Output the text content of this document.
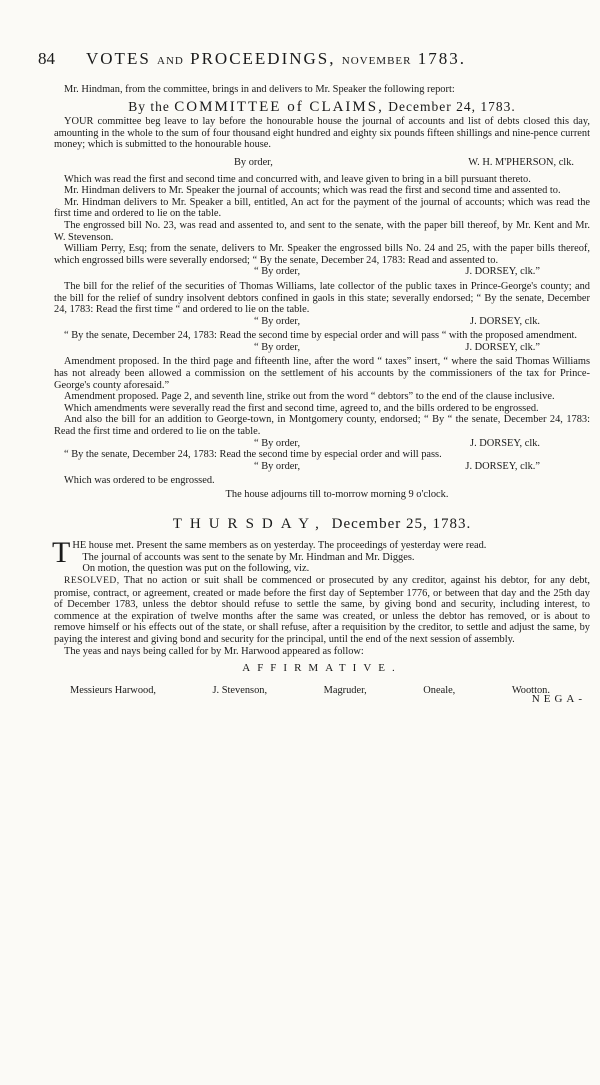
84 VOTES AND PROCEEDINGS, NOVEMBER 1783.

Mr. Hindman, from the committee, brings in and delivers to Mr. Speaker the following report:

By the COMMITTEE of CLAIMS, December 24, 1783.

YOUR committee beg leave to lay before the honourable house the journal of accounts and list of debts closed this day, amounting in the whole to the sum of four thousand eight hundred and eighty six pounds fifteen shillings and nine-pence current money; which is submitted to the honourable house.

By order,	W. H. M'PHERSON, clk.

Which was read the first and second time and concurred with, and leave given to bring in a bill pursuant thereto.

Mr. Hindman delivers to Mr. Speaker the journal of accounts; which was read the first and second time and assented to.

Mr. Hindman delivers to Mr. Speaker a bill, entitled, An act for the payment of the journal of accounts; which was read the first time and ordered to lie on the table.

The engrossed bill No. 23, was read and assented to, and sent to the senate, with the paper bill thereof, by Mr. Kent and Mr. W. Stevenson.

William Perry, Esq; from the senate, delivers to Mr. Speaker the engrossed bills No. 24 and 25, with the paper bills thereof, which engrossed bills were severally endorsed; “ By the senate, December 24, 1783: Read and assented to.

“ By order,	J. DORSEY, clk.”

The bill for the relief of the securities of Thomas Williams, late collector of the public taxes in Prince-George's county; and the bill for the relief of sundry insolvent debtors confined in gaols in this state; severally endorsed; “ By the senate, December 24, 1783: Read the first time “ and ordered to lie on the table.

“ By order,	J. DORSEY, clk.

“ By the senate, December 24, 1783: Read the second time by especial order and will pass “ with the proposed amendment.

“ By order,	J. DORSEY, clk.”

Amendment proposed. In the third page and fifteenth line, after the word “ taxes” insert, “ where the said Thomas Williams has not already been allowed a commission on the settlement of his accounts by the commissioners of the tax for Prince-George's county aforesaid.”

Amendment proposed. Page 2, and seventh line, strike out from the word “ debtors” to the end of the clause inclusive.

Which amendments were severally read the first and second time, agreed to, and the bills ordered to be engrossed.

And also the bill for an addition to George-town, in Montgomery county, endorsed; “ By “ the senate, December 24, 1783: Read the first time and ordered to lie on the table.

“ By order,	J. DORSEY, clk.

“ By the senate, December 24, 1783: Read the second time by especial order and will pass.

“ By order,	J. DORSEY, clk.”

Which was ordered to be engrossed.

The house adjourns till to-morrow morning 9 o'clock.

THURSDAY, December 25, 1783.

THE house met. Present the same members as on yesterday. The proceedings of yesterday were read.

The journal of accounts was sent to the senate by Mr. Hindman and Mr. Digges.

On motion, the question was put on the following, viz.

RESOLVED, That no action or suit shall be commenced or prosecuted by any creditor, against his debtor, for any debt, promise, contract, or agreement, created or made before the first day of September 1776, or between that day and the 25th day of December 1783, unless the debtor should refuse to settle the same, by giving bond and security, including interest, to commence at the expiration of twelve months after the same was created, or unless the debtor has removed, or is about to remove himself or his effects out of the state, or shall refuse, after a requisition by the creditor, to settle and adjust the same, by paying the interest and giving bond and security for the principal, until the end of the next session of assembly.

The yeas and nays being called for by Mr. Harwood appeared as follow:

AFFIRMATIVE.
Messieurs Harwood,	J. Stevenson,	Magruder,	Oneale,	Wootton.
NEGA-
